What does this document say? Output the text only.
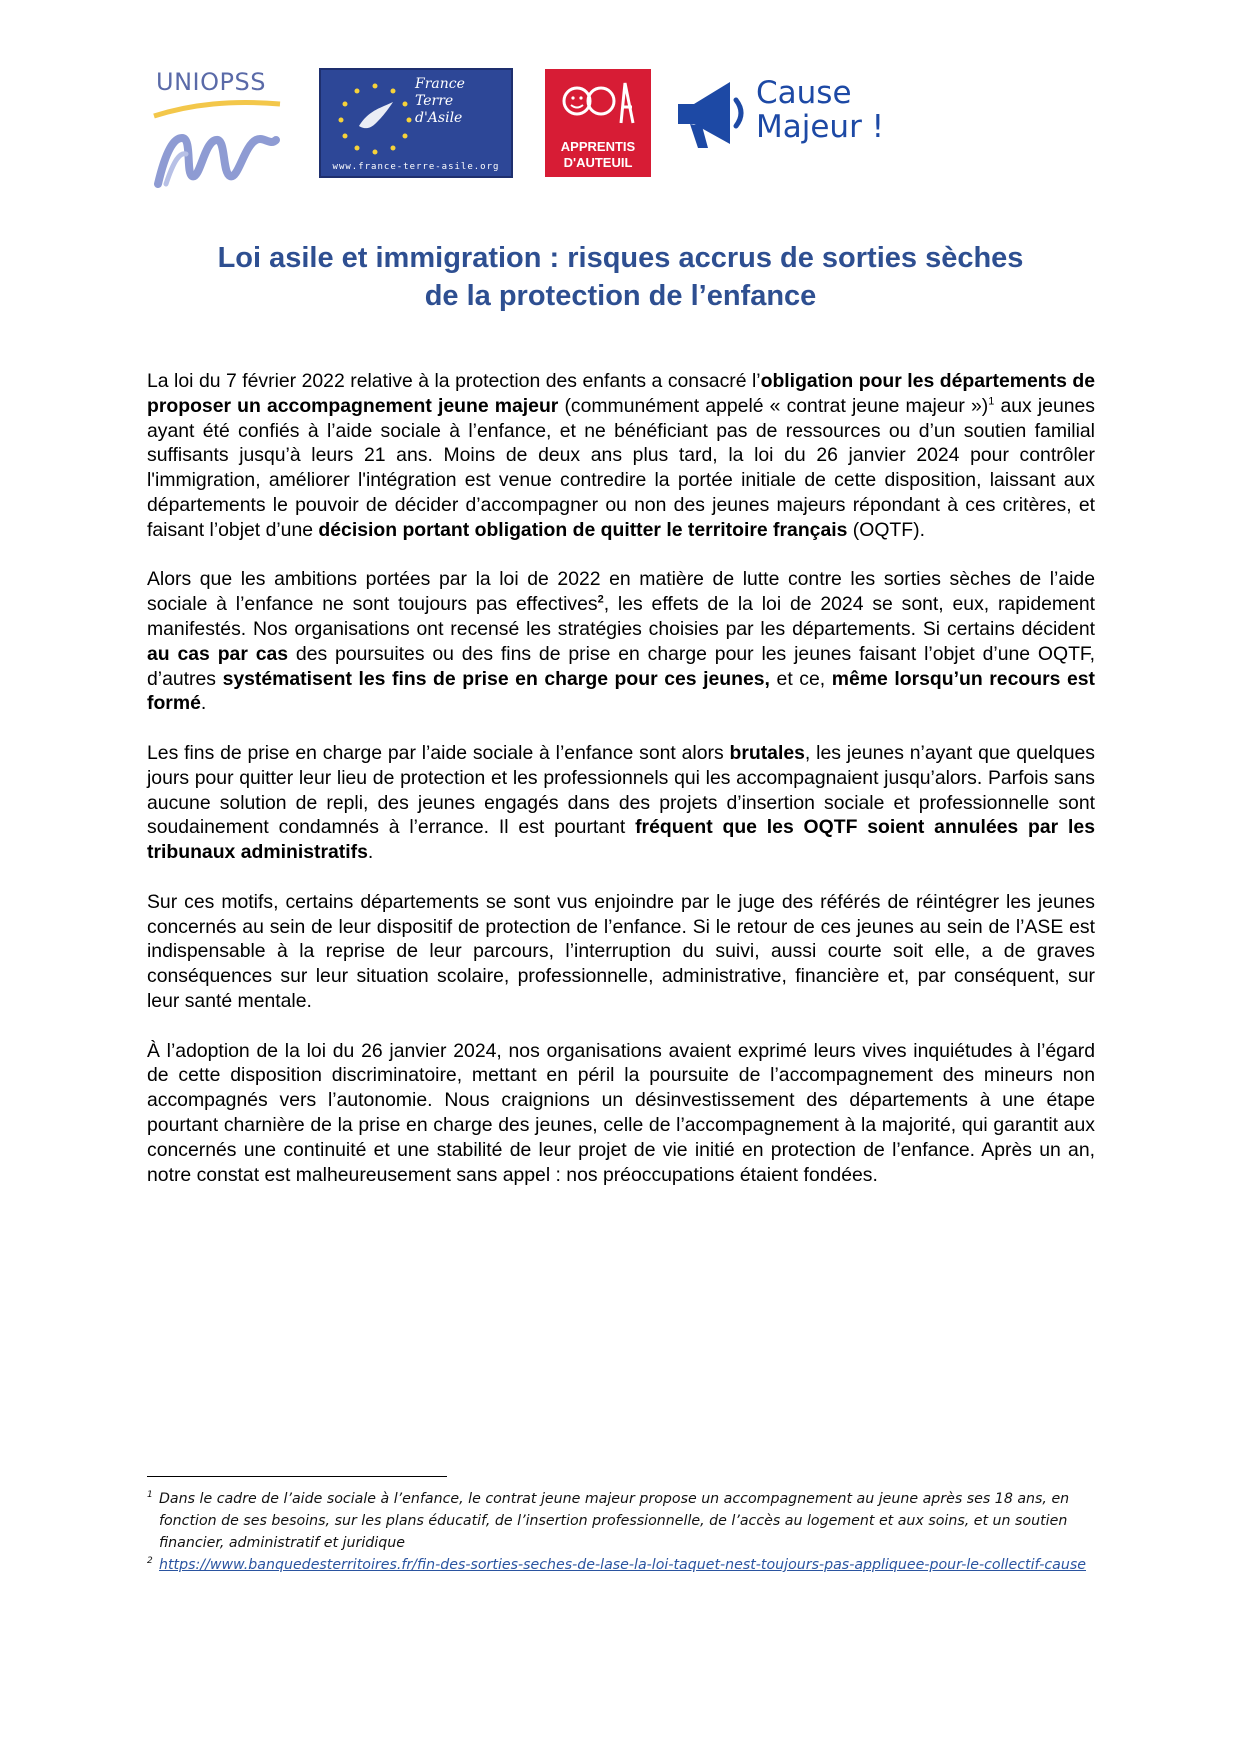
UNIOPSS	France Terre d'Asile
www.france-terre-asile.org
APPRENTIS
D'AUTEUIL
Cause
Majeur !
Loi asile et immigration : risques accrus de sorties sèches
de la protection de l’enfance

La loi du 7 février 2022 relative à la protection des enfants a consacré l’obligation pour les départements de proposer un accompagnement jeune majeur (communément appelé « contrat jeune majeur »)$^1$ aux jeunes ayant été confiés à l’aide sociale à l’enfance, et ne bénéficiant pas de ressources ou d’un soutien familial suffisants jusqu’à leurs 21 ans. Moins de deux ans plus tard, la loi du 26 janvier 2024 pour contrôler l'immigration, améliorer l'intégration est venue contredire la portée initiale de cette disposition, laissant aux départements le pouvoir de décider d’accompagner ou non des jeunes majeurs répondant à ces critères, et faisant l’objet d’une décision portant obligation de quitter le territoire français (OQTF).

Alors que les ambitions portées par la loi de 2022 en matière de lutte contre les sorties sèches de l’aide sociale à l’enfance ne sont toujours pas effectives$^2$, les effets de la loi de 2024 se sont, eux, rapidement manifestés. Nos organisations ont recensé les stratégies choisies par les départements. Si certains décident au cas par cas des poursuites ou des fins de prise en charge pour les jeunes faisant l’objet d’une OQTF, d’autres systématisent les fins de prise en charge pour ces jeunes, et ce, même lorsqu’un recours est formé.

Les fins de prise en charge par l’aide sociale à l’enfance sont alors brutales, les jeunes n’ayant que quelques jours pour quitter leur lieu de protection et les professionnels qui les accompagnaient jusqu’alors. Parfois sans aucune solution de repli, des jeunes engagés dans des projets d’insertion sociale et professionnelle sont soudainement condamnés à l’errance. Il est pourtant fréquent que les OQTF soient annulées par les tribunaux administratifs.

Sur ces motifs, certains départements se sont vus enjoindre par le juge des référés de réintégrer les jeunes concernés au sein de leur dispositif de protection de l’enfance. Si le retour de ces jeunes au sein de l’ASE est indispensable à la reprise de leur parcours, l’interruption du suivi, aussi courte soit elle, a de graves conséquences sur leur situation scolaire, professionnelle, administrative, financière et, par conséquent, sur leur santé mentale.

À l’adoption de la loi du 26 janvier 2024, nos organisations avaient exprimé leurs vives inquiétudes à l’égard de cette disposition discriminatoire, mettant en péril la poursuite de l’accompagnement des mineurs non accompagnés vers l’autonomie. Nous craignions un désinvestissement des départements à une étape pourtant charnière de la prise en charge des jeunes, celle de l’accompagnement à la majorité, qui garantit aux concernés une continuité et une stabilité de leur projet de vie initié en protection de l’enfance. Après un an, notre constat est malheureusement sans appel : nos préoccupations étaient fondées.

1 Dans le cadre de l’aide sociale à l’enfance, le contrat jeune majeur propose un accompagnement au jeune après ses 18 ans, en fonction de ses besoins, sur les plans éducatif, de l’insertion professionnelle, de l’accès au logement et aux soins, et un soutien financier, administratif et juridique
2 https://www.banquedesterritoires.fr/fin-des-sorties-seches-de-lase-la-loi-taquet-nest-toujours-pas-appliquee-pour-le-collectif-cause
